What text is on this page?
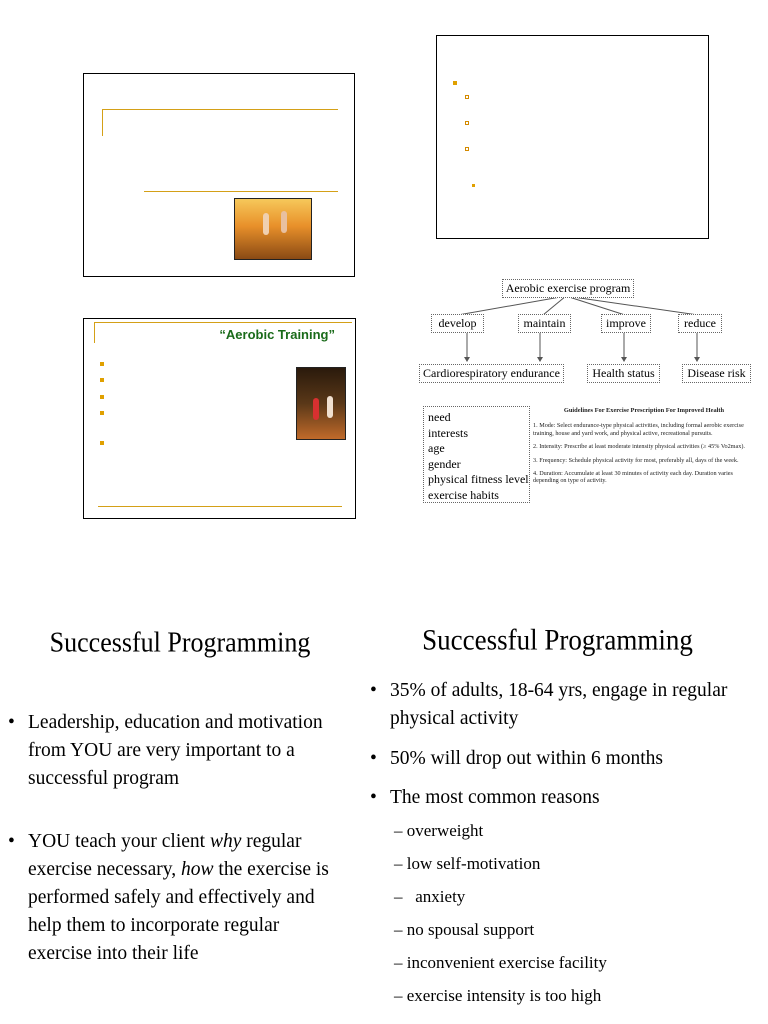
“Aerobic Training”
Aerobic exercise program
develop	maintain	improve	reduce
Cardiorespiratory endurance	Health status	Disease risk
need
interests
age
gender
physical fitness level
exercise habits
Guidelines For Exercise Prescription For Improved Health

1. Mode: Select endurance-type physical activities, including formal aerobic exercise training, house and yard work, and physical active, recreational pursuits.

2. Intensity: Prescribe at least moderate intensity physical activities (≥ 45% Vo2max).

3. Frequency: Schedule physical activity for most, preferably all, days of the week.

4. Duration: Accumulate at least 30 minutes of activity each day. Duration varies depending on type of activity.

Successful Programming
• Leadership, education and motivation from YOU are very important to a successful program
• YOU teach your client why regular exercise necessary, how the exercise is performed safely and effectively and help them to incorporate regular exercise into their life
Successful Programming
• 35% of adults, 18-64 yrs, engage in regular physical activity
• 50% will drop out within 6 months
• The most common reasons
– overweight
– low self-motivation
–   anxiety
– no spousal support
– inconvenient exercise facility
– exercise intensity is too high
